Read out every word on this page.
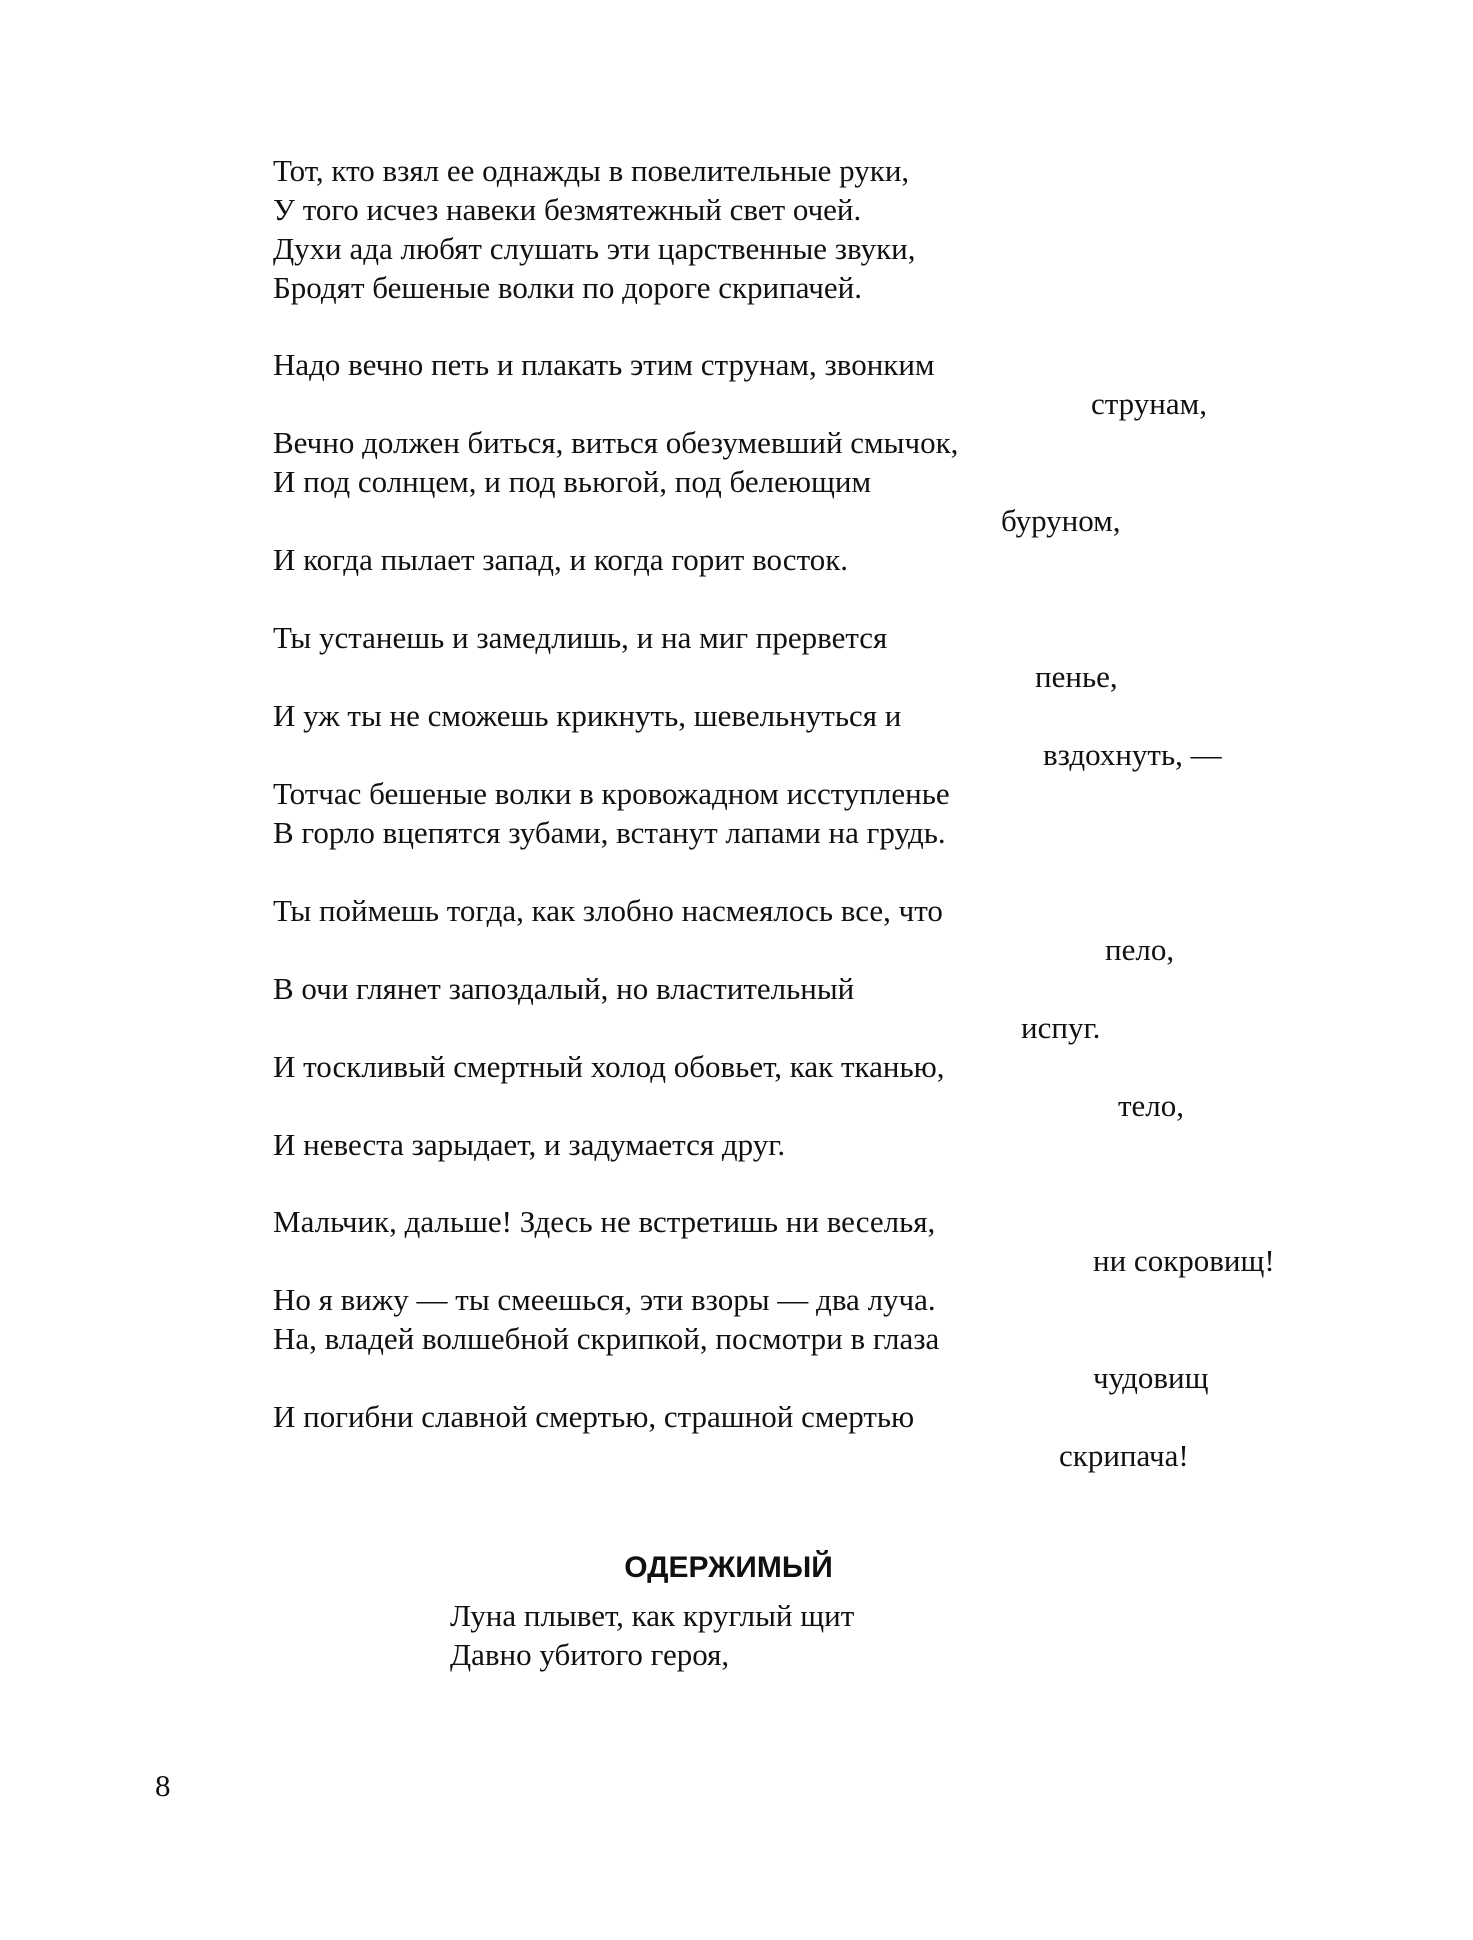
Тот, кто взял ее однажды в повелительные руки,
У того исчез навеки безмятежный свет очей.
Духи ада любят слушать эти царственные звуки,
Бродят бешеные волки по дороге скрипачей.
Надо вечно петь и плакать этим струнам, звонким
струнам,
Вечно должен биться, виться обезумевший смычок,
И под солнцем, и под вьюгой, под белеющим
буруном,
И когда пылает запад, и когда горит восток.
Ты устанешь и замедлишь, и на миг прервется
пенье,
И уж ты не сможешь крикнуть, шевельнуться и
вздохнуть, —
Тотчас бешеные волки в кровожадном исступленье
В горло вцепятся зубами, встанут лапами на грудь.
Ты поймешь тогда, как злобно насмеялось все, что
пело,
В очи глянет запоздалый, но властительный
испуг.
И тоскливый смертный холод обовьет, как тканью,
тело,
И невеста зарыдает, и задумается друг.
Мальчик, дальше! Здесь не встретишь ни веселья,
ни сокровищ!
Но я вижу — ты смеешься, эти взоры — два луча.
На, владей волшебной скрипкой, посмотри в глаза
чудовищ
И погибни славной смертью, страшной смертью
скрипача!
ОДЕРЖИМЫЙ
Луна плывет, как круглый щит
Давно убитого героя,
8
